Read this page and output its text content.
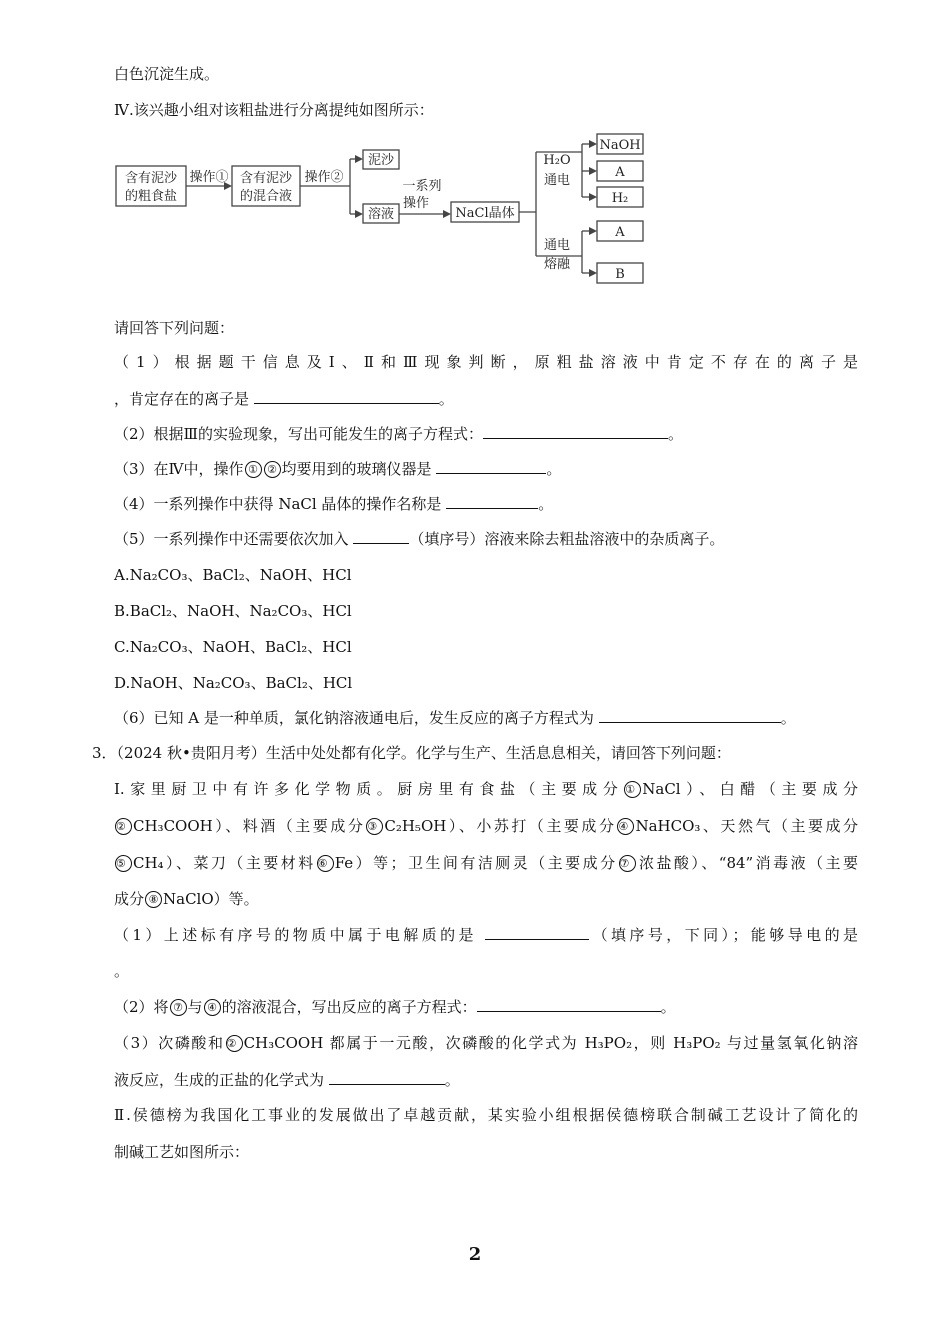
白色沉淀生成。
Ⅳ.该兴趣小组对该粗盐进行分离提纯如图所示：
含有泥沙
的粗食盐
操作① 含有泥沙
的混合液
操作②
泥沙
溶液
一系列
操作
NaCl晶体
H₂O
通电
通电
熔融
NaOH
A
H₂
A
B
请回答下列问题：
（1）根据题干信息及Ⅰ、Ⅱ和Ⅲ现象判断，原粗盐溶液中肯定不存在的离子是
，肯定存在的离子是	。
（2）根据Ⅲ的实验现象，写出可能发生的离子方程式：	。
（3）在Ⅳ中，操作 ① ② 均要用到的玻璃仪器是	。
（4）一系列操作中获得 NaCl 晶体的操作名称是	。
（5）一系列操作中还需要依次加入	（填序号）溶液来除去粗盐溶液中的杂质离子。
A.Na₂CO₃、BaCl₂、NaOH、HCl
B.BaCl₂、NaOH、Na₂CO₃、HCl
C.Na₂CO₃、NaOH、BaCl₂、HCl
D.NaOH、Na₂CO₃、BaCl₂、HCl
（6）已知 A 是一种单质，氯化钠溶液通电后，发生反应的离子方程式为	。
3．（2024 秋•贵阳月考）生活中处处都有化学。化学与生产、生活息息相关，请回答下列问题：
I.家里厨卫中有许多化学物质。厨房里有食盐（主要成分 ① NaCl）、白醋（主要成分
② CH₃COOH）、料酒（主要成分 ③ C₂H₅OH）、小苏打（主要成分 ④ NaHCO₃、天然气（主要成分
⑤ CH₄）、菜刀（主要材料 ⑥ Fe）等；卫生间有洁厕灵（主要成分 ⑦ 浓盐酸）、“84”消毒液（主要
成分 ⑧ NaClO）等。
（1）上述标有序号的物质中属于电解质的是	（填序号，下同）；能够导电的是
。
（2）将 ⑦ 与 ④ 的溶液混合，写出反应的离子方程式：	。
（3）次磷酸和 ② CH₃COOH 都属于一元酸，次磷酸的化学式为 H₃PO₂，则 H₃PO₂ 与过量氢氧化钠溶
液反应，生成的正盐的化学式为	。
Ⅱ.侯德榜为我国化工事业的发展做出了卓越贡献，某实验小组根据侯德榜联合制碱工艺设计了简化的
制碱工艺如图所示：
2
